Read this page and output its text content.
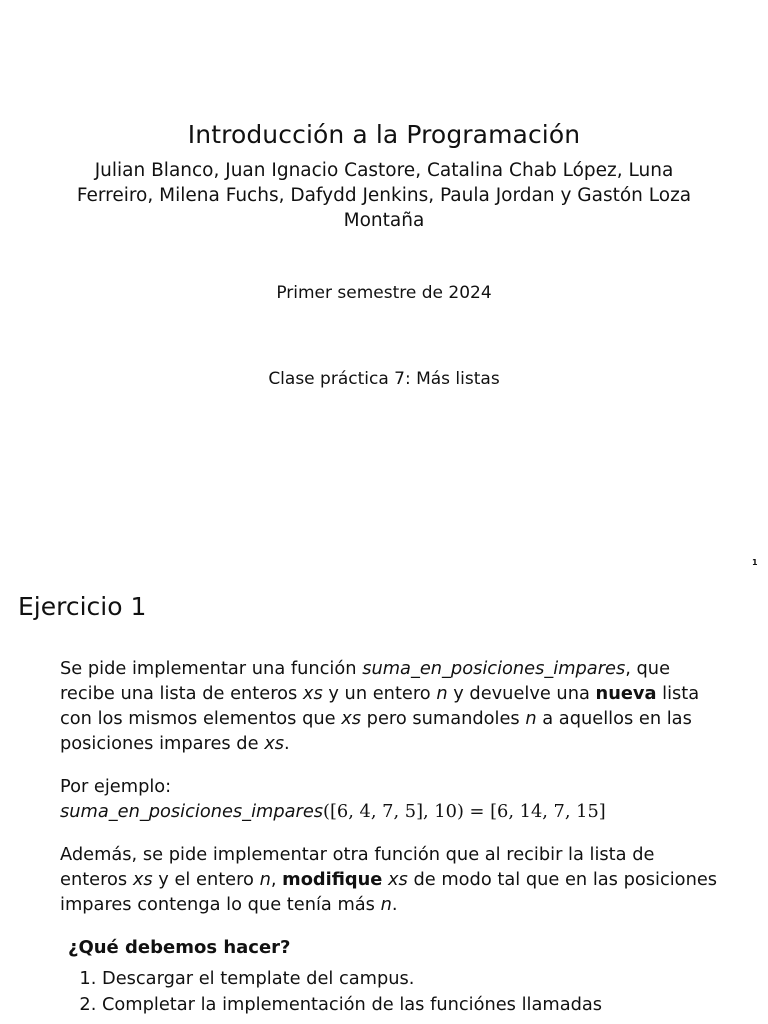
Introducción a la Programación
Julian Blanco, Juan Ignacio Castore, Catalina Chab López, Luna Ferreiro, Milena Fuchs, Dafydd Jenkins, Paula Jordan y Gastón Loza Montaña
Primer semestre de 2024
Clase práctica 7: Más listas
1
Ejercicio 1

Se pide implementar una función suma_en_posiciones_impares, que recibe una lista de enteros xs y un entero n y devuelve una nueva lista con los mismos elementos que xs pero sumandoles n a aquellos en las posiciones impares de xs.

Por ejemplo:
suma_en_posiciones_impares([6, 4, 7, 5], 10) = [6, 14, 7, 15]

Además, se pide implementar otra función que al recibir la lista de enteros xs y el entero n, modifique xs de modo tal que en las posiciones impares contenga lo que tenía más n.

¿Qué debemos hacer?
1. Descargar el template del campus.
2. Completar la implementación de las funciónes llamadas
